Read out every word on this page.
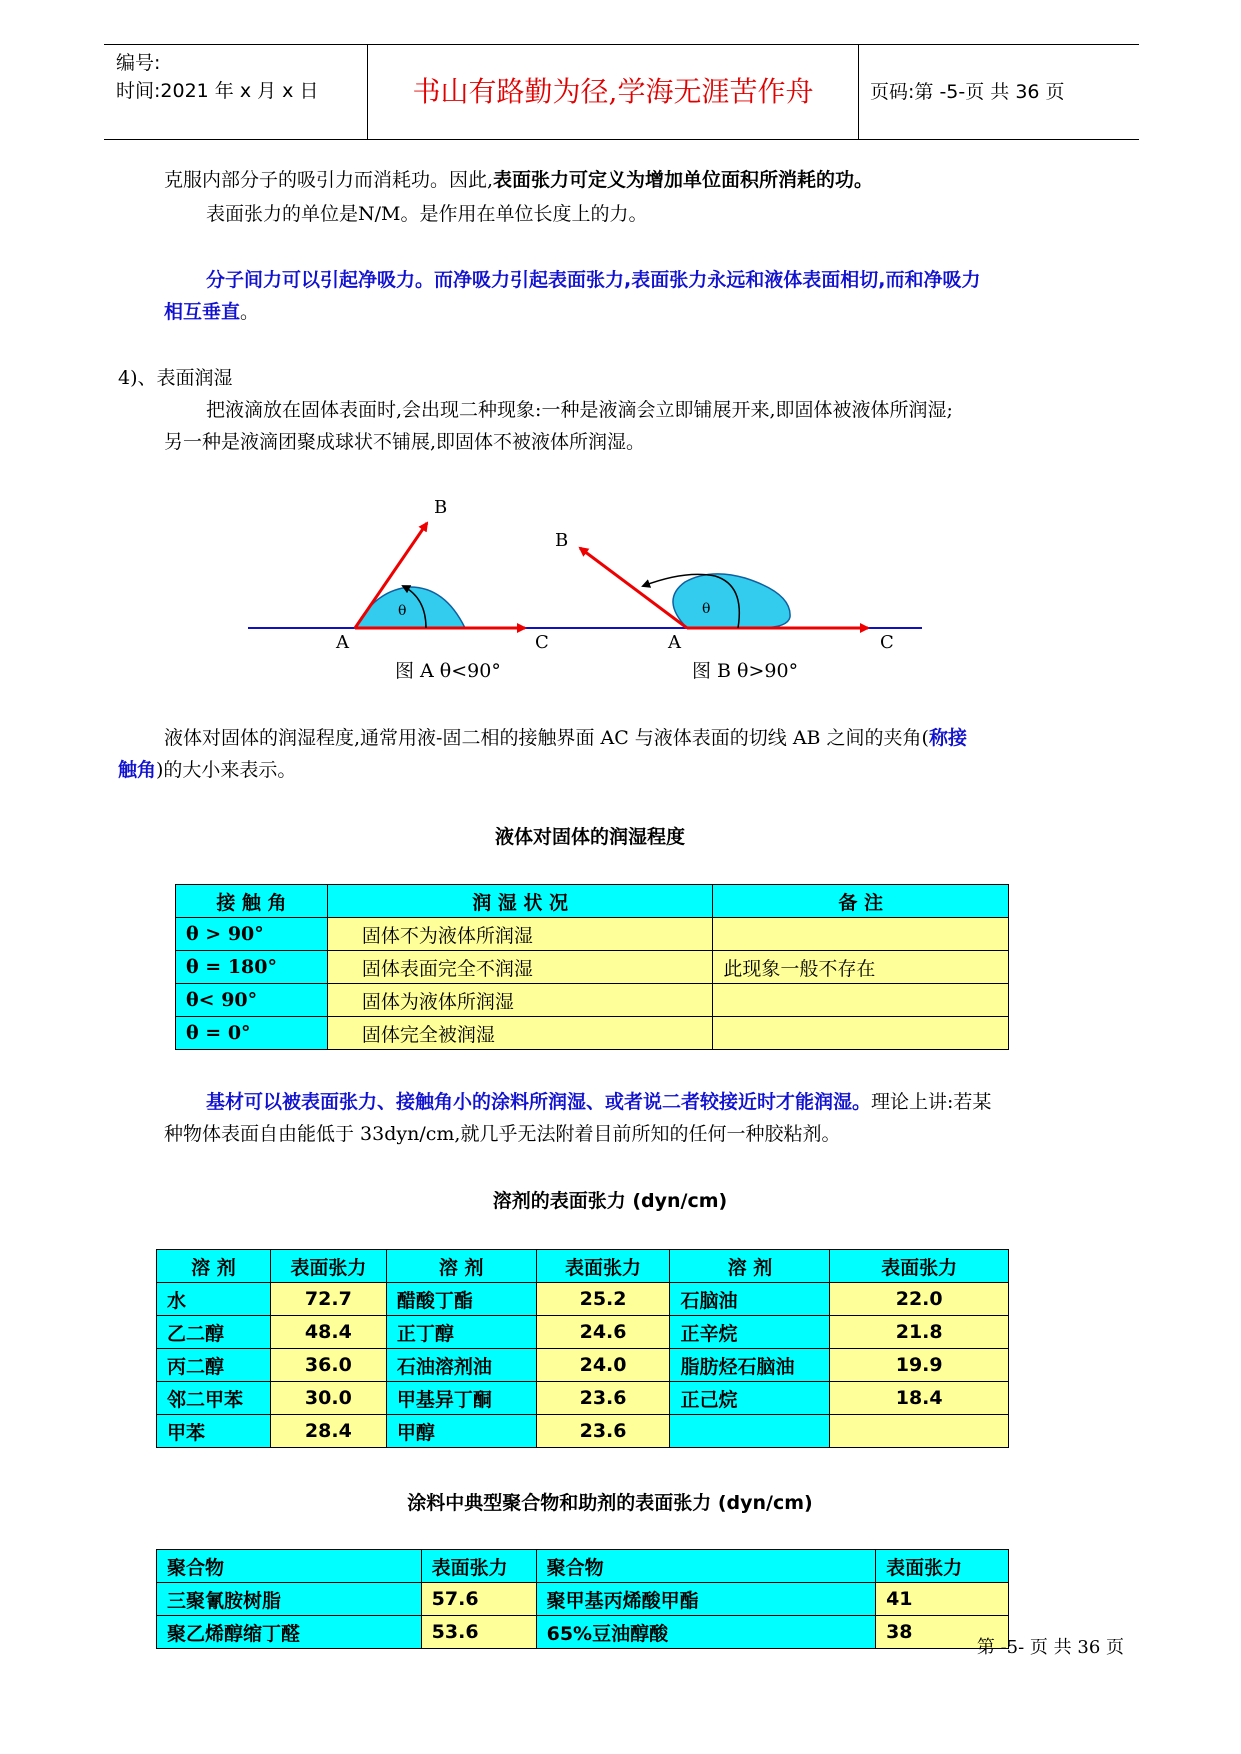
编号:
时间:2021 年 x 月 x 日	书山有路勤为径,学海无涯苦作舟	页码:第 -5-页 共 36 页
克服内部分子的吸引力而消耗功。因此,表面张力可定义为增加单位面积所消耗的功。
表面张力的单位是N/M。是作用在单位长度上的力。
分子间力可以引起净吸力。而净吸力引起表面张力,表面张力永远和液体表面相切,而和净吸力
相互垂直。
4)、表面润湿
把液滴放在固体表面时,会出现二种现象:一种是液滴会立即铺展开来,即固体被液体所润湿;
另一种是液滴团聚成球状不铺展,即固体不被液体所润湿。
B
A	C
θ
B
A	C
θ
图 A θ<90°	图 B θ>90°
液体对固体的润湿程度,通常用液-固二相的接触界面 AC 与液体表面的切线 AB 之间的夹角(称接
触角)的大小来表示。
液体对固体的润湿程度
接 触 角	润 湿 状 况	备 注
θ > 90°	固体不为液体所润湿	
θ = 180°	固体表面完全不润湿	此现象一般不存在
θ< 90°	固体为液体所润湿	
θ = 0°	固体完全被润湿	
基材可以被表面张力、接触角小的涂料所润湿、或者说二者较接近时才能润湿。理论上讲:若某
种物体表面自由能低于 33dyn/cm,就几乎无法附着目前所知的任何一种胶粘剂。
溶剂的表面张力 (dyn/cm)
溶 剂	表面张力	溶 剂	表面张力	溶 剂	表面张力
水	72.7	醋酸丁酯	25.2	石脑油	22.0
乙二醇	48.4	正丁醇	24.6	正辛烷	21.8
丙二醇	36.0	石油溶剂油	24.0	脂肪烃石脑油	19.9
邻二甲苯	30.0	甲基异丁酮	23.6	正己烷	18.4
甲苯	28.4	甲醇	23.6		
涂料中典型聚合物和助剂的表面张力 (dyn/cm)
聚合物	表面张力	聚合物	表面张力
三聚氰胺树脂	57.6	聚甲基丙烯酸甲酯	41
聚乙烯醇缩丁醛	53.6	65%豆油醇酸	38
第 -5- 页 共 36 页
